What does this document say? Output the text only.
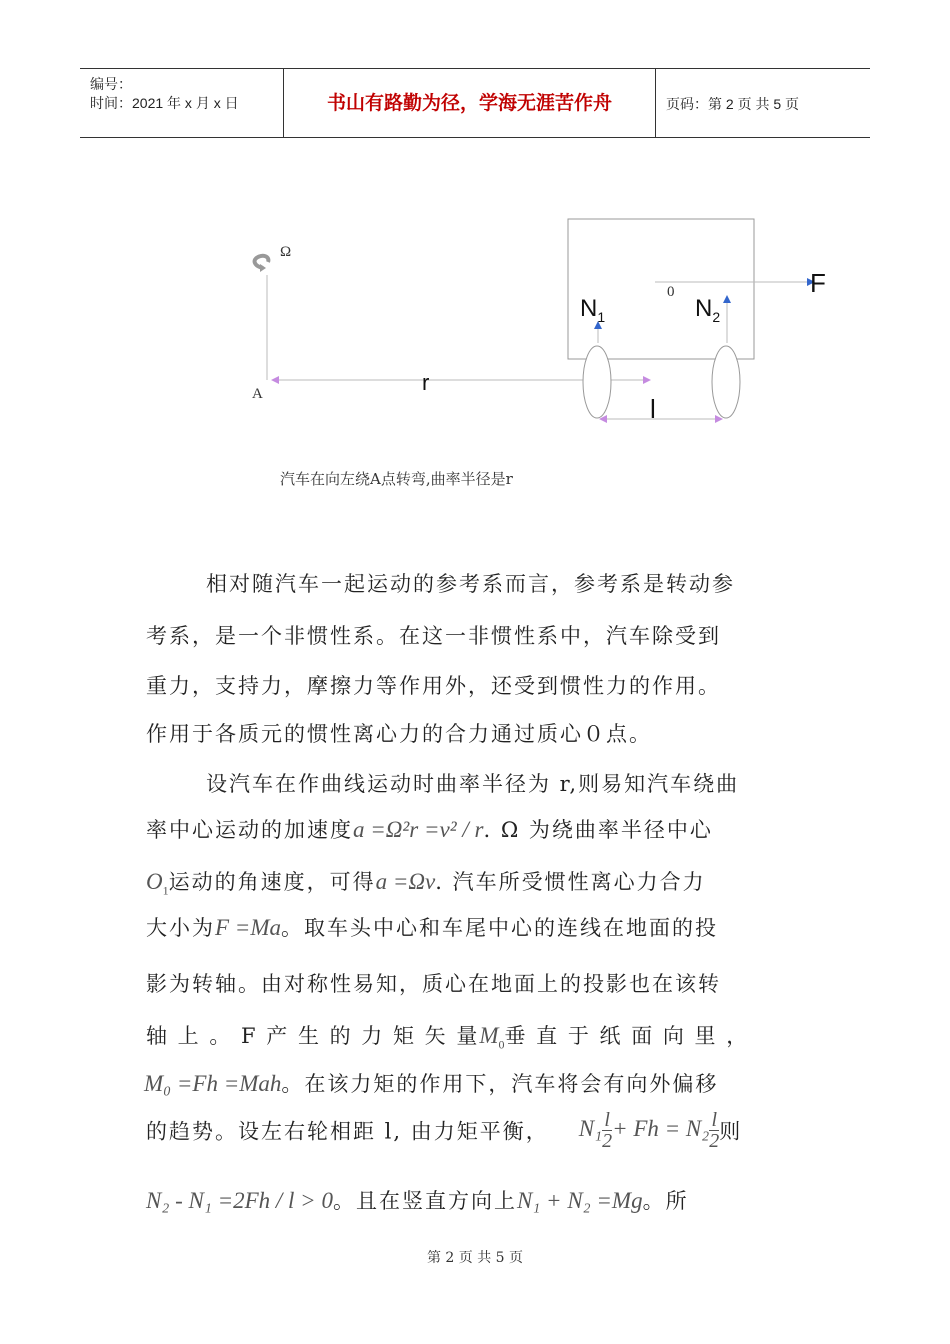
编号：
时间：2021 年 x 月 x 日	书山有路勤为径，学海无涯苦作舟	页码：第 2 页 共 5 页
Ω
A	r
l
0	F
$N_1$	$N_2$
汽车在向左绕A点转弯,曲率半径是r
相对随汽车一起运动的参考系而言，参考系是转动参
考系，是一个非惯性系。在这一非惯性系中，汽车除受到
重力，支持力，摩擦力等作用外，还受到惯性力的作用。
作用于各质元的惯性离心力的合力通过质心０点。
设汽车在作曲线运动时曲率半径为 r,则易知汽车绕曲
率中心运动的加速度a =Ω²r =v² / r. Ω 为绕曲率半径中心
$O_1$运动的角速度，可得a =Ωv. 汽车所受惯性离心力合力
大小为F =Ma。取车头中心和车尾中心的连线在地面的投
影为转轴。由对称性易知，质心在地面上的投影也在该转
轴 上 。 F 产 生 的 力 矩 矢 量$M_0$垂 直 于 纸 面 向 里 ，
M₀ =Fh =Mah。在该力矩的作用下，汽车将会有向外偏移
的趋势。设左右轮相距 l, 由力矩平衡， $N_1 \frac{l}{2} + Fh = N_2 \frac{l}{2}$ 则
N₂ - N₁ =2Fh / l > 0。且在竖直方向上N₁ + N₂ =Mg。所
第 2 页 共 5 页
